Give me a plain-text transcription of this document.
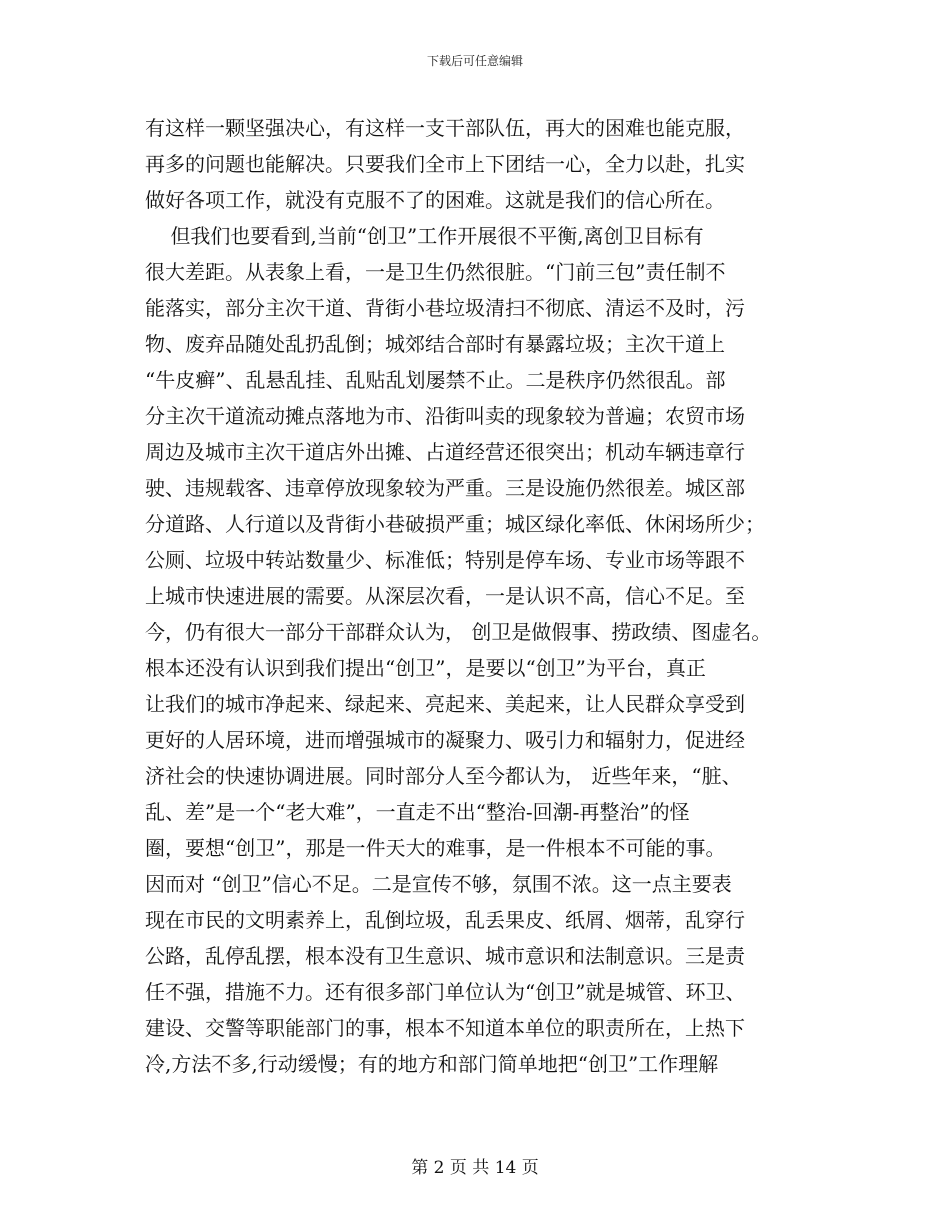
下载后可任意编辑
有这样一颗坚强决心，有这样一支干部队伍，再大的困难也能克服，
再多的问题也能解决。只要我们全市上下团结一心，全力以赴，扎实
做好各项工作，就没有克服不了的困难。这就是我们的信心所在。
但我们也要看到,当前“创卫”工作开展很不平衡,离创卫目标有
很大差距。从表象上看，一是卫生仍然很脏。“门前三包”责任制不
能落实，部分主次干道、背街小巷垃圾清扫不彻底、清运不及时，污
物、废弃品随处乱扔乱倒；城郊结合部时有暴露垃圾；主次干道上
“牛皮癣”、乱悬乱挂、乱贴乱划屡禁不止。二是秩序仍然很乱。部
分主次干道流动摊点落地为市、沿街叫卖的现象较为普遍；农贸市场
周边及城市主次干道店外出摊、占道经营还很突出；机动车辆违章行
驶、违规载客、违章停放现象较为严重。三是设施仍然很差。城区部
分道路、人行道以及背街小巷破损严重；城区绿化率低、休闲场所少；
公厕、垃圾中转站数量少、标准低；特别是停车场、专业市场等跟不
上城市快速进展的需要。从深层次看，一是认识不高，信心不足。至
今，仍有很大一部分干部群众认为， 创卫是做假事、捞政绩、图虚名。
根本还没有认识到我们提出“创卫”，是要以“创卫”为平台，真正
让我们的城市净起来、绿起来、亮起来、美起来，让人民群众享受到
更好的人居环境，进而增强城市的凝聚力、吸引力和辐射力，促进经
济社会的快速协调进展。同时部分人至今都认为， 近些年来，“脏、
乱、差”是一个“老大难”，一直走不出“整治-回潮-再整治”的怪
圈，要想“创卫”，那是一件天大的难事，是一件根本不可能的事。
因而对 “创卫”信心不足。二是宣传不够，氛围不浓。这一点主要表
现在市民的文明素养上，乱倒垃圾，乱丢果皮、纸屑、烟蒂，乱穿行
公路，乱停乱摆，根本没有卫生意识、城市意识和法制意识。三是责
任不强，措施不力。还有很多部门单位认为“创卫”就是城管、环卫、
建设、交警等职能部门的事，根本不知道本单位的职责所在，上热下
冷,方法不多,行动缓慢；有的地方和部门简单地把“创卫”工作理解
第 2 页 共 14 页
